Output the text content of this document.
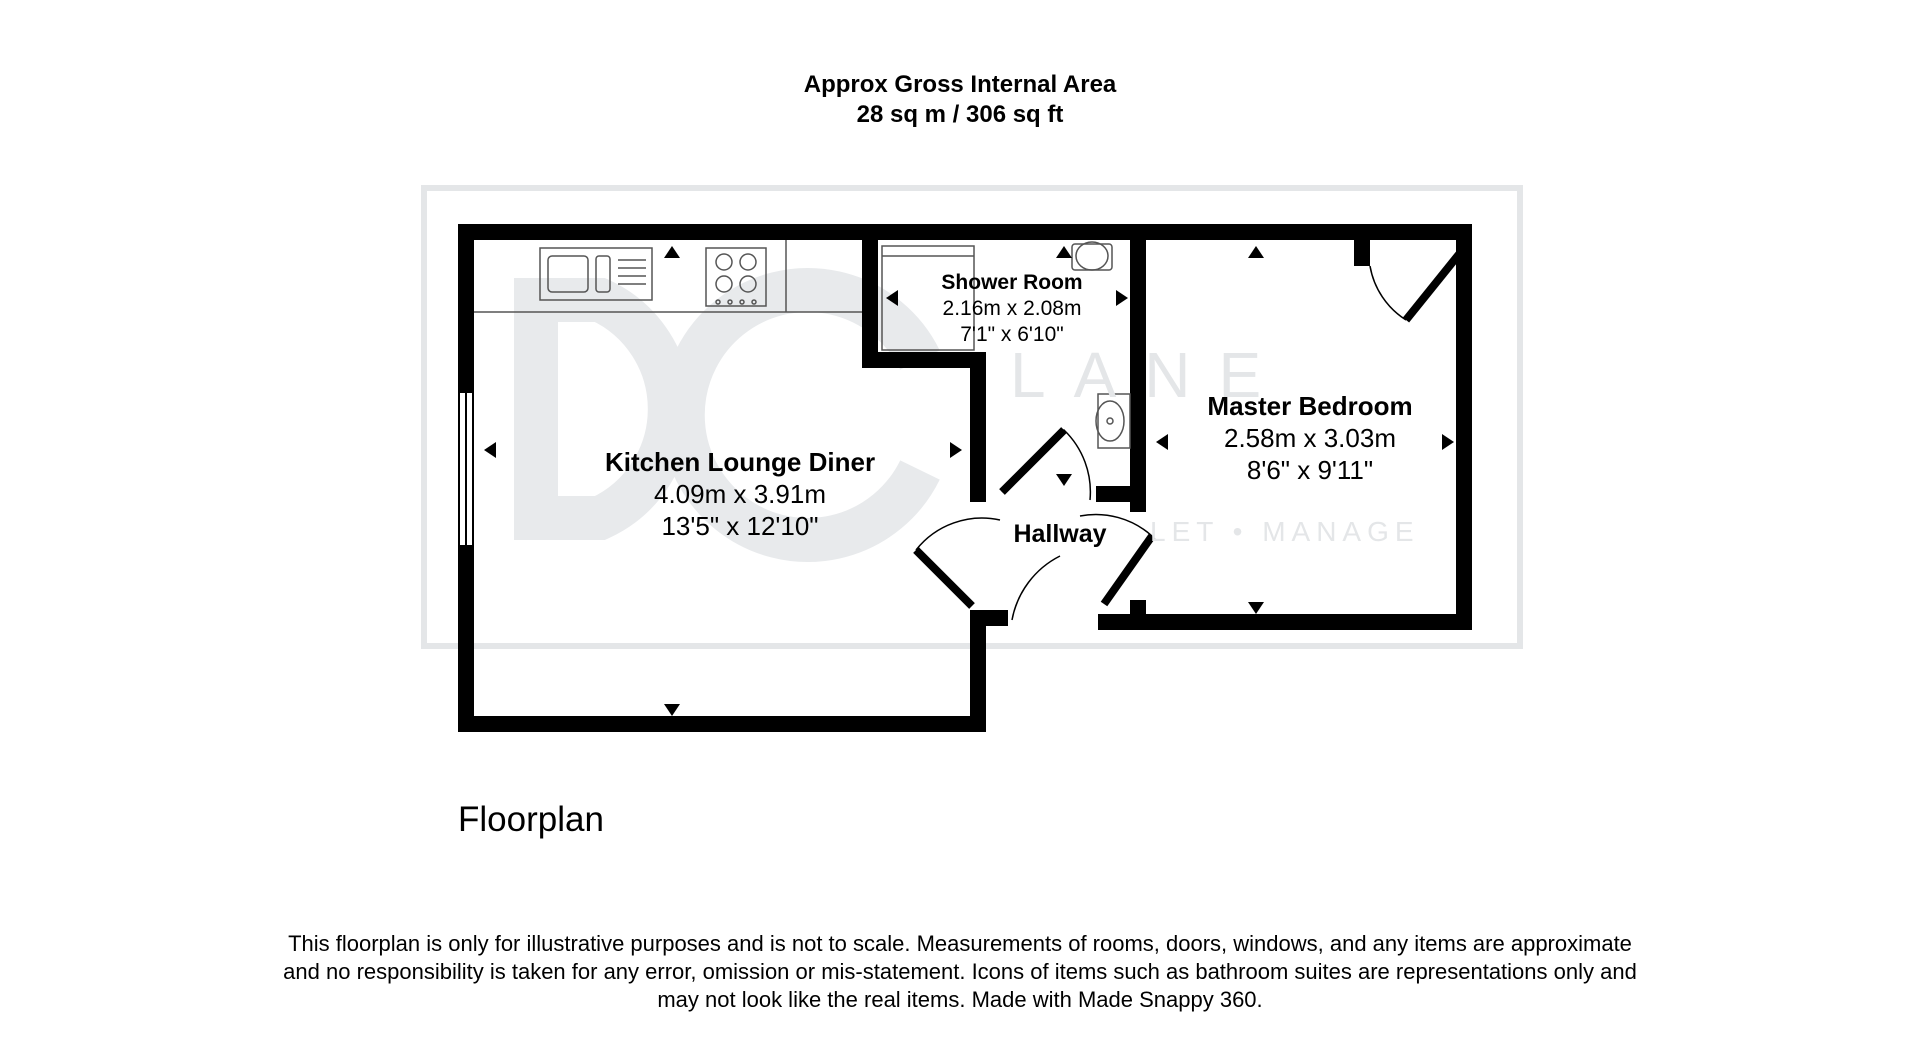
Approx Gross Internal Area
28 sq m / 306 sq ft
LANE
LET • MANAGE
Kitchen Lounge Diner
4.09m x 3.91m
13'5" x 12'10"
Shower Room
2.16m x 2.08m
7'1" x 6'10"
Master Bedroom
2.58m x 3.03m
8'6" x 9'11"
Hallway
Floorplan
This floorplan is only for illustrative purposes and is not to scale. Measurements of rooms, doors, windows, and any items are approximate
and no responsibility is taken for any error, omission or mis-statement. Icons of items such as bathroom suites are representations only and
may not look like the real items. Made with Made Snappy 360.
